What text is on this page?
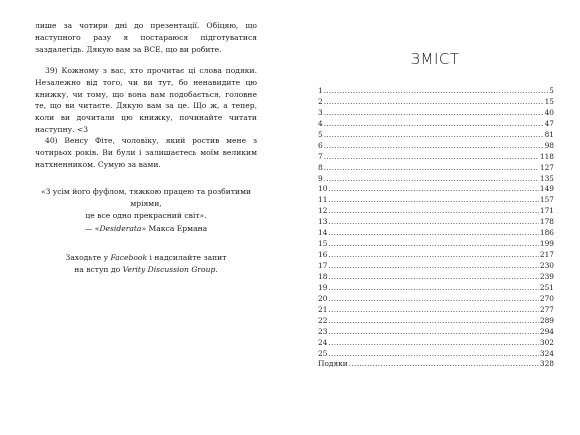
лише за чотири дні до презентації. Обіцяю, що наступного разу я постараюся підготуватися заздалегідь. Дякую вам за ВСЕ, що ви робите.

39) Кожному з вас, хто прочитає ці слова подяки. Незалежно від того, чи ви тут, бо ненавидите цю книжку, чи тому, що вона вам подобається, головне те, що ви читаєте. Дякую вам за це. Що ж, а тепер, коли ви дочитали цю книжку, починайте читати наступну. <3

40) Венсу Фіте, чоловіку, який ростив мене з чотирьох років. Ви були і залишаєтесь моїм великим натхненником. Сумую за вами.

«З усім його фуфлом, тяжкою працею та розбитими мріями,
це все одно прекрасний світ».
— «Desiderata» Макса Ермана
Заходьте у Facebook і надсилайте запит
на вступ до Verity Discussion Group.
ЗМІСТ
1 .....	5
2 .....	15
3 .....	40
4 .....	47
5 .....	81
6 .....	98
7 .....	118
8 .....	127
9 .....	135
10 .....	149
11 .....	157
12 .....	171
13 .....	178
14 .....	186
15 .....	199
16 .....	217
17 .....	230
18 .....	239
19 .....	251
20 .....	270
21 .....	277
22 .....	289
23 .....	294
24 .....	302
25 .....	324
Подяки .....	328
